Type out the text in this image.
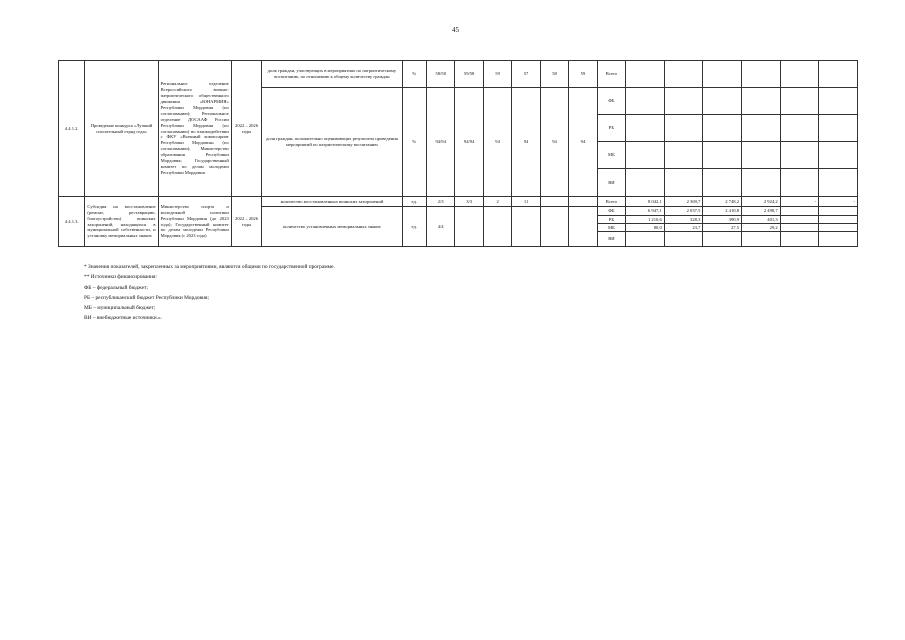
45
4.4.1.2.	Проведение конкурса «Лучший спасательный отряд года»	Региональное отделение Всероссийского военно-патриотического общественного движения «ЮНАРМИЯ» Республики Мордовия (по согласованию); Региональное отделение ДОСААФ России Республики Мордовия (по согласованию) во взаимодействии с ФКУ «Военный комиссариат Республики Мордовия» (по согласованию); Министерство образования Республики Мордовия; Государственный комитет по делам молодежи Республики Мордовия	2022 – 2026 годы	доля граждан, участвующих в мероприятиях по патриотическому воспитанию, по отношению к общему количеству граждан	%	58/58	59/58	59	57	58	59	Всего						
				доля граждан, положительно оценивающих результаты проведения мероприятий по патриотическому воспитанию	%	94/94	94/94	94	94	94	94	ФБ						
												РБ						
												МБ						
												ВИ						
4.4.1.3.	Субсидия на восстановление (ремонт, реставрацию, благоустройство) воинских захоронений, находящихся в муниципальной собственности, и установку мемориальных знаков	Министерство спорта и молодежной политики Республики Мордовия (до 2023 года); Государственный комитет по делам молодежи Республики Мордовия (с 2023 года)	2022 – 2026 годы	количество восстановленных воинских захоронений	ед.	2/3	3/3	2	11			Всего	8 042,1	2 369,7	2 748,2	2 924,2	-	-
				количество установленных мемориальных знаков	ед.	4/4						ФБ	6 947,1	2 037,5	2 410,8	2 498,7		
												РБ	1 210,6	328,3	390,9	401,3		
												МБ	80,0	23,7	27,5	29,2		
												ВИ						
* Значения показателей, закрепленных за мероприятиями, являются общими по государственной программе.
** Источники финансирования:
ФБ – федеральный бюджет;
РБ – республиканский бюджет Республики Мордовия;
МБ – муниципальный бюджет;
ВИ – внебюджетные источники.».
